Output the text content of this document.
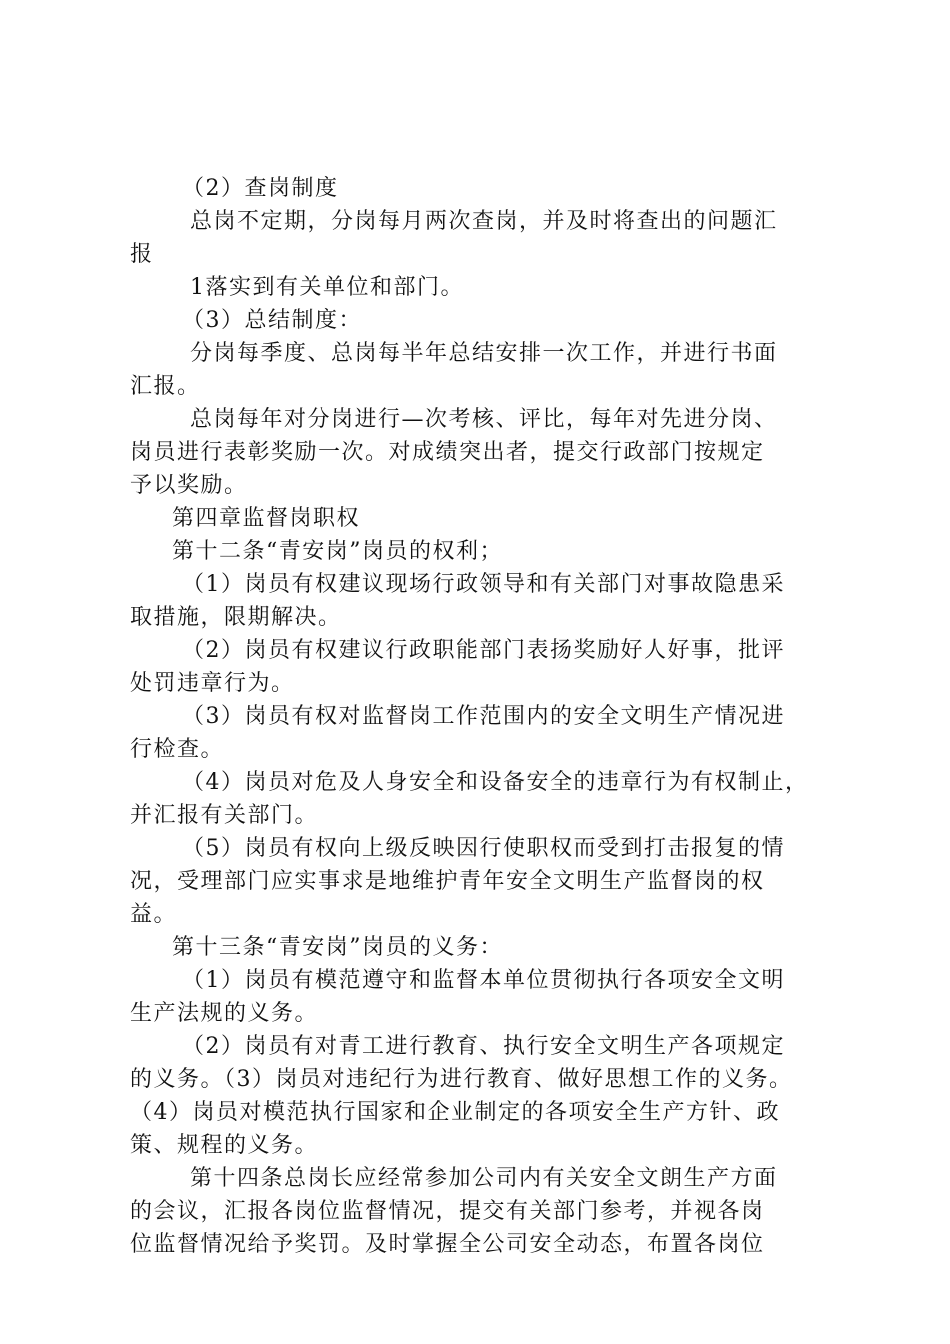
（2）查岗制度
总岗不定期，分岗每月两次查岗，并及时将查出的问题汇
报
1落实到有关单位和部门。
（3）总结制度：
分岗每季度、总岗每半年总结安排一次工作，并进行书面
汇报。
总岗每年对分岗进行—次考核、评比，每年对先进分岗、
岗员进行表彰奖励一次。对成绩突出者，提交行政部门按规定
予以奖励。
第四章监督岗职权
第十二条“青安岗”岗员的权利；
（1）岗员有权建议现场行政领导和有关部门对事故隐患采
取措施，限期解决。
（2）岗员有权建议行政职能部门表扬奖励好人好事，批评
处罚违章行为。
（3）岗员有权对监督岗工作范围内的安全文明生产情况进
行检查。
（4）岗员对危及人身安全和设备安全的违章行为有权制止，
并汇报有关部门。
（5）岗员有权向上级反映因行使职权而受到打击报复的情
况，受理部门应实事求是地维护青年安全文明生产监督岗的权
益。
第十三条“青安岗”岗员的义务：
（1）岗员有模范遵守和监督本单位贯彻执行各项安全文明
生产法规的义务。
（2）岗员有对青工进行教育、执行安全文明生产各项规定
的义务。（3）岗员对违纪行为进行教育、做好思想工作的义务。
（4）岗员对模范执行国家和企业制定的各项安全生产方针、政
策、规程的义务。
第十四条总岗长应经常参加公司内有关安全文朗生产方面
的会议，汇报各岗位监督情况，提交有关部门参考，并视各岗
位监督情况给予奖罚。及时掌握全公司安全动态，布置各岗位
